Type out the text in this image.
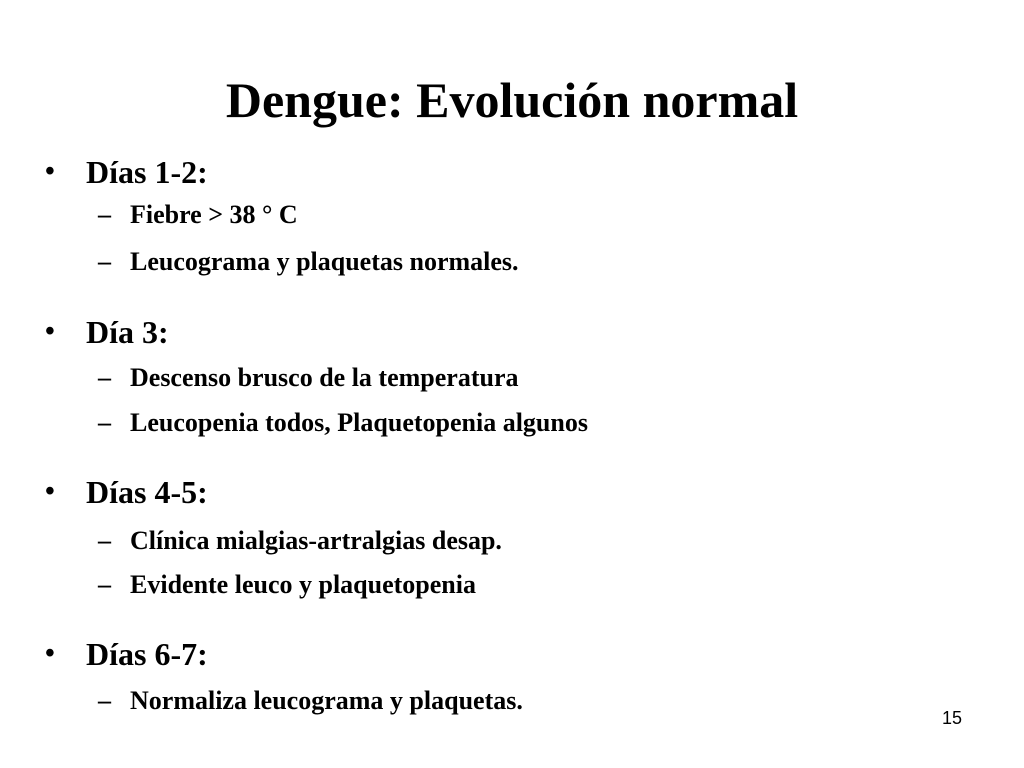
Dengue: Evolución normal
• Días 1-2:
– Fiebre > 38 ° C
– Leucograma y plaquetas normales.
• Día 3:
– Descenso brusco de la temperatura
– Leucopenia todos, Plaquetopenia algunos
• Días 4-5:
– Clínica mialgias-artralgias desap.
– Evidente leuco y plaquetopenia
• Días 6-7:
– Normaliza leucograma y plaquetas.
15
